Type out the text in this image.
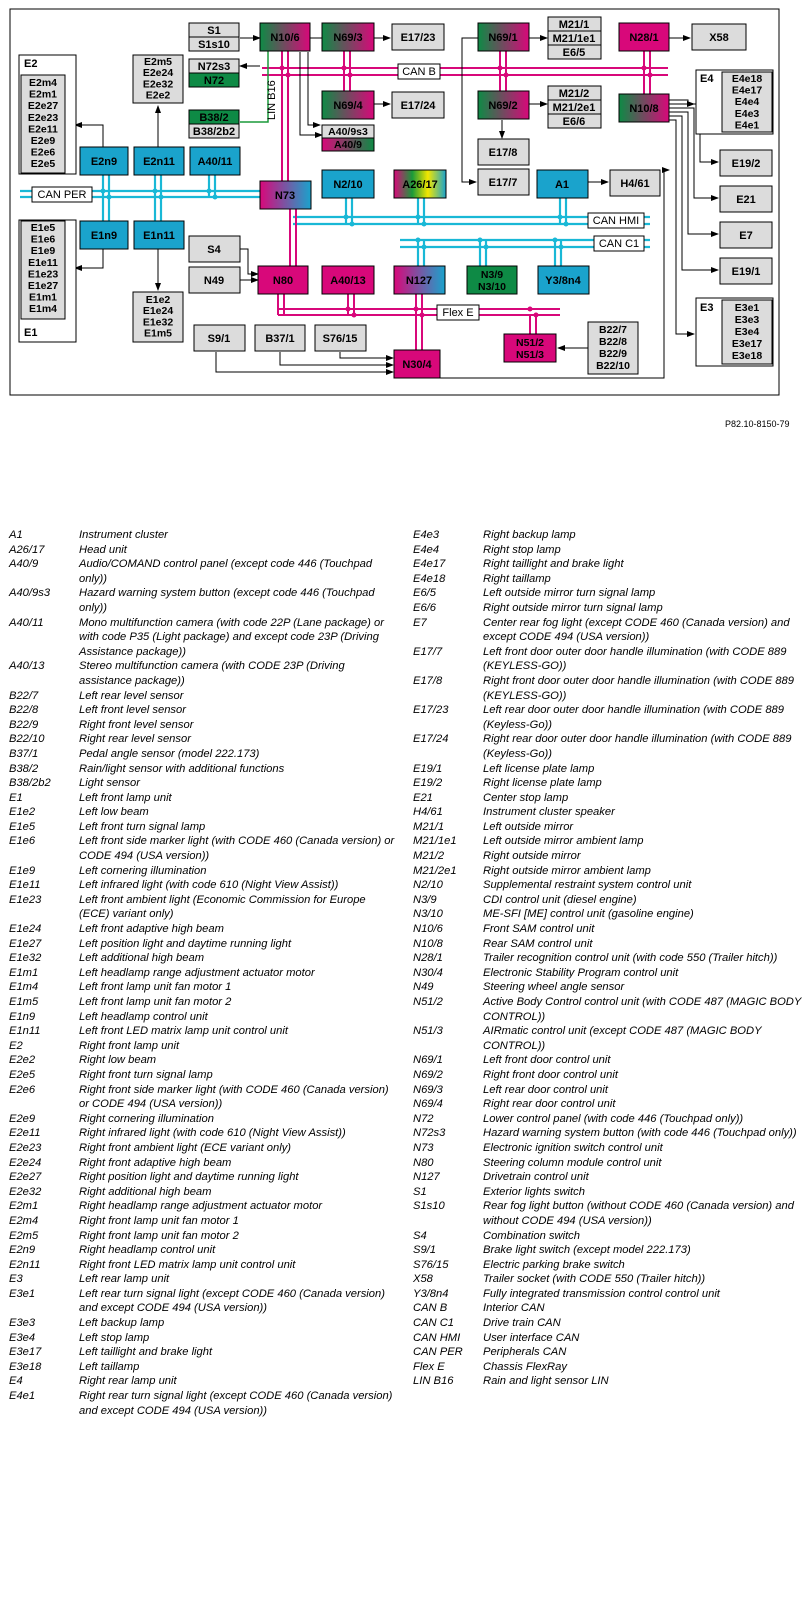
S1
S1s10
N72s3
N72
B38/2
B38/2b2
LIN B16
N10/6	N69/3	E17/23	N69/1
M21/1
M21/1e1
E6/5
N28/1	X58
CAN B
N69/4	E17/24
A40/9s3
A40/9
N69/2
M21/2
M21/2e1
E6/6
N10/8
E17/8
E17/7
E2
E2m4
E2m1
E2e27
E2e23
E2e11
E2e9
E2e6
E2e5
E2m5
E2e24
E2e32
E2e2
E2n9 E2n11 A40/11
CAN PER	N73
N2/10	A26/17	A1	H4/61
CAN HMI
CAN C1
E1e5
E1e6
E1e9
E1e11
E1e23
E1e27
E1m1
E1m4
E1
E1n9 E1n11
E1e2
E1e24
E1e32
E1m5
S4
N49	N80	A40/13	N127	N3/9
N3/10	Y3/8n4
Flex E
S9/1	B37/1	S76/15
N30/4
N51/2
N51/3
B22/7
B22/8
B22/9
B22/10
E4 E4e18
E4e17
E4e4
E4e3
E4e1
E19/2
E21
E7
E19/1
E3 E3e1
E3e3
E3e4
E3e17
E3e18
P82.10-8150-79
A1	Instrument cluster
A26/17	Head unit
A40/9	Audio/COMAND control panel (except code 446 (Touchpad only))
A40/9s3	Hazard warning system button (except code 446 (Touchpad only))
A40/11	Mono multifunction camera (with code 22P (Lane package) or with code P35 (Light package) and except code 23P (Driving Assistance package))
A40/13	Stereo multifunction camera (with CODE 23P (Driving assistance package))
B22/7	Left rear level sensor
B22/8	Left front level sensor
B22/9	Right front level sensor
B22/10	Right rear level sensor
B37/1	Pedal angle sensor (model 222.173)
B38/2	Rain/light sensor with additional functions
B38/2b2	Light sensor
E1	Left front lamp unit
E1e2	Left low beam
E1e5	Left front turn signal lamp
E1e6	Left front side marker light (with CODE 460 (Canada version) or CODE 494 (USA version))
E1e9	Left cornering illumination
E1e11	Left infrared light (with code 610 (Night View Assist))
E1e23	Left front ambient light (Economic Commission for Europe (ECE) variant only)
E1e24	Left front adaptive high beam
E1e27	Left position light and daytime running light
E1e32	Left additional high beam
E1m1	Left headlamp range adjustment actuator motor
E1m4	Left front lamp unit fan motor 1
E1m5	Left front lamp unit fan motor 2
E1n9	Left headlamp control unit
E1n11	Left front LED matrix lamp unit control unit
E2	Right front lamp unit
E2e2	Right low beam
E2e5	Right front turn signal lamp
E2e6	Right front side marker light (with CODE 460 (Canada version) or CODE 494 (USA version))
E2e9	Right cornering illumination
E2e11	Right infrared light (with code 610 (Night View Assist))
E2e23	Right front ambient light (ECE variant only)
E2e24	Right front adaptive high beam
E2e27	Right position light and daytime running light
E2e32	Right additional high beam
E2m1	Right headlamp range adjustment actuator motor
E2m4	Right front lamp unit fan motor 1
E2m5	Right front lamp unit fan motor 2
E2n9	Right headlamp control unit
E2n11	Right front LED matrix lamp unit control unit
E3	Left rear lamp unit
E3e1	Left rear turn signal light (except CODE 460 (Canada version) and except CODE 494 (USA version))
E3e3	Left backup lamp
E3e4	Left stop lamp
E3e17	Left taillight and brake light
E3e18	Left taillamp
E4	Right rear lamp unit
E4e1	Right rear turn signal light (except CODE 460 (Canada version) and except CODE 494 (USA version))
E4e3	Right backup lamp
E4e4	Right stop lamp
E4e17	Right taillight and brake light
E4e18	Right taillamp
E6/5	Left outside mirror turn signal lamp
E6/6	Right outside mirror turn signal lamp
E7	Center rear fog light (except CODE 460 (Canada version) and except CODE 494 (USA version))
E17/7	Left front door outer door handle illumination (with CODE 889 (KEYLESS-GO))
E17/8	Right front door outer door handle illumination (with CODE 889 (KEYLESS-GO))
E17/23	Left rear door outer door handle illumination (with CODE 889 (Keyless-Go))
E17/24	Right rear door outer door handle illumination (with CODE 889 (Keyless-Go))
E19/1	Left license plate lamp
E19/2	Right license plate lamp
E21	Center stop lamp
H4/61	Instrument cluster speaker
M21/1	Left outside mirror
M21/1e1	Left outside mirror ambient lamp
M21/2	Right outside mirror
M21/2e1	Right outside mirror ambient lamp
N2/10	Supplemental restraint system control unit
N3/9	CDI control unit (diesel engine)
N3/10	ME-SFI [ME] control unit (gasoline engine)
N10/6	Front SAM control unit
N10/8	Rear SAM control unit
N28/1	Trailer recognition control unit (with code 550 (Trailer hitch))
N30/4	Electronic Stability Program control unit
N49	Steering wheel angle sensor
N51/2	Active Body Control control unit (with CODE 487 (MAGIC BODY CONTROL))
N51/3	AIRmatic control unit (except CODE 487 (MAGIC BODY CONTROL))
N69/1	Left front door control unit
N69/2	Right front door control unit
N69/3	Left rear door control unit
N69/4	Right rear door control unit
N72	Lower control panel (with code 446 (Touchpad only))
N72s3	Hazard warning system button (with code 446 (Touchpad only))
N73	Electronic ignition switch control unit
N80	Steering column module control unit
N127	Drivetrain control unit
S1	Exterior lights switch
S1s10	Rear fog light button (without CODE 460 (Canada version) and without CODE 494 (USA version))
S4	Combination switch
S9/1	Brake light switch (except model 222.173)
S76/15	Electric parking brake switch
X58	Trailer socket (with CODE 550 (Trailer hitch))
Y3/8n4	Fully integrated transmission control control unit
CAN B	Interior CAN
CAN C1	Drive train CAN
CAN HMI	User interface CAN
CAN PER	Peripherals CAN
Flex E	Chassis FlexRay
LIN B16	Rain and light sensor LIN
